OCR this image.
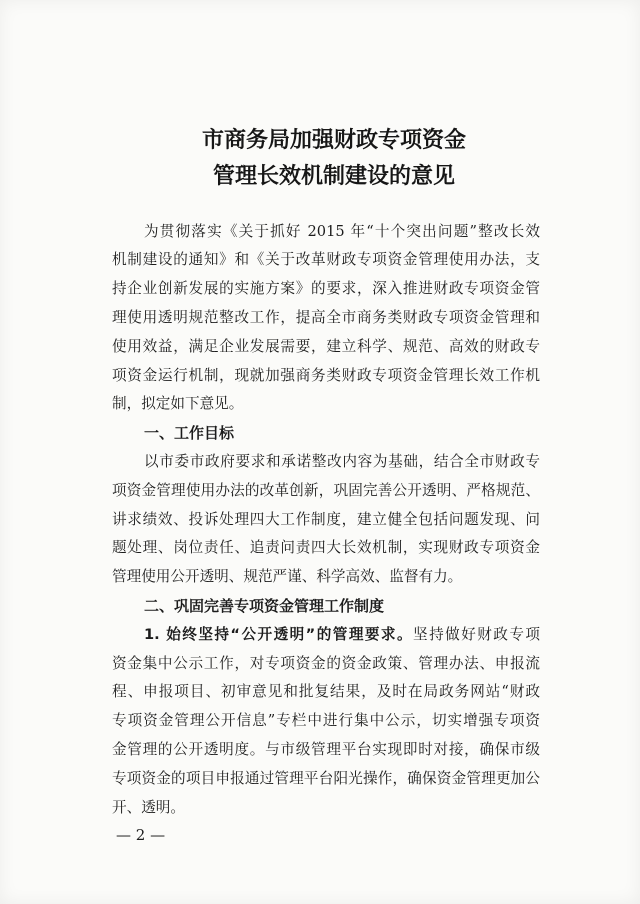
市商务局加强财政专项资金
管理长效机制建设的意见
为贯彻落实《关于抓好 2015 年“十个突出问题”整改长效
机制建设的通知》和《关于改革财政专项资金管理使用办法，支
持企业创新发展的实施方案》的要求，深入推进财政专项资金管
理使用透明规范整改工作，提高全市商务类财政专项资金管理和
使用效益，满足企业发展需要，建立科学、规范、高效的财政专
项资金运行机制，现就加强商务类财政专项资金管理长效工作机
制，拟定如下意见。
一、工作目标
以市委市政府要求和承诺整改内容为基础，结合全市财政专
项资金管理使用办法的改革创新，巩固完善公开透明、严格规范、
讲求绩效、投诉处理四大工作制度，建立健全包括问题发现、问
题处理、岗位责任、追责问责四大长效机制，实现财政专项资金
管理使用公开透明、规范严谨、科学高效、监督有力。
二、巩固完善专项资金管理工作制度
1. 始终坚持“公开透明”的管理要求。坚持做好财政专项
资金集中公示工作，对专项资金的资金政策、管理办法、申报流
程、申报项目、初审意见和批复结果，及时在局政务网站“财政
专项资金管理公开信息”专栏中进行集中公示，切实增强专项资
金管理的公开透明度。与市级管理平台实现即时对接，确保市级
专项资金的项目申报通过管理平台阳光操作，确保资金管理更加公
开、透明。
— 2 —
